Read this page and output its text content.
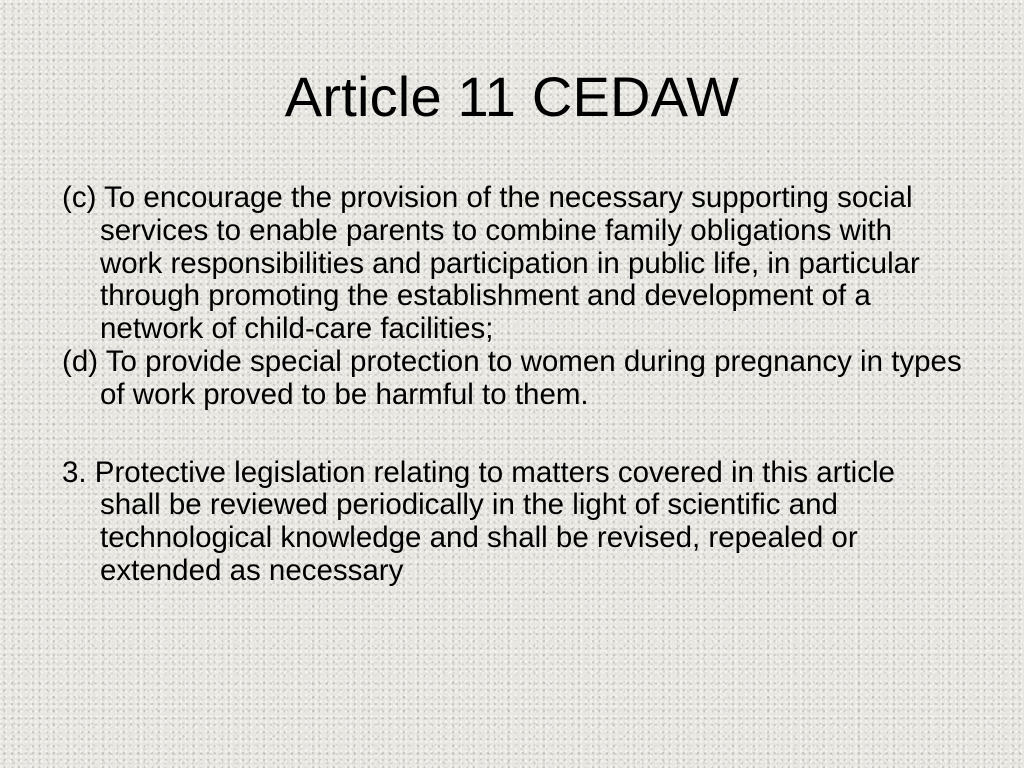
Article 11 CEDAW

(c) To encourage the provision of the necessary supporting social services to enable parents to combine family obligations with work responsibilities and participation in public life, in particular through promoting the establishment and development of a network of child-care facilities;

(d) To provide special protection to women during pregnancy in types of work proved to be harmful to them.

3. Protective legislation relating to matters covered in this article shall be reviewed periodically in the light of scientific and technological knowledge and shall be revised, repealed or extended as necessary
